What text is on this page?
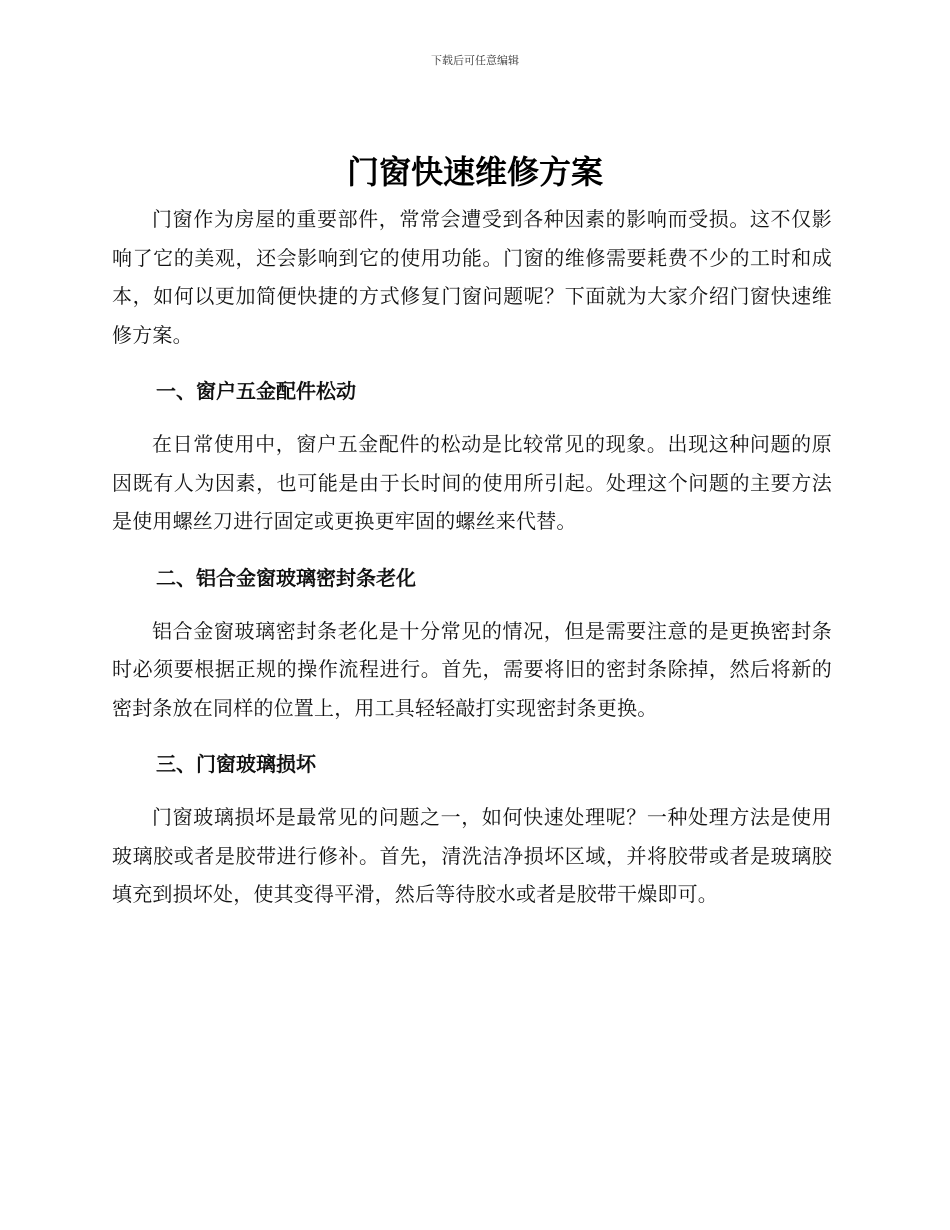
下载后可任意编辑
门窗快速维修方案

门窗作为房屋的重要部件，常常会遭受到各种因素的影响而受损。这不仅影响了它的美观，还会影响到它的使用功能。门窗的维修需要耗费不少的工时和成本，如何以更加简便快捷的方式修复门窗问题呢？下面就为大家介绍门窗快速维修方案。

一、窗户五金配件松动

在日常使用中，窗户五金配件的松动是比较常见的现象。出现这种问题的原因既有人为因素，也可能是由于长时间的使用所引起。处理这个问题的主要方法是使用螺丝刀进行固定或更换更牢固的螺丝来代替。

二、铝合金窗玻璃密封条老化

铝合金窗玻璃密封条老化是十分常见的情况，但是需要注意的是更换密封条时必须要根据正规的操作流程进行。首先，需要将旧的密封条除掉，然后将新的密封条放在同样的位置上，用工具轻轻敲打实现密封条更换。

三、门窗玻璃损坏

门窗玻璃损坏是最常见的问题之一，如何快速处理呢？一种处理方法是使用玻璃胶或者是胶带进行修补。首先，清洗洁净损坏区域，并将胶带或者是玻璃胶填充到损坏处，使其变得平滑，然后等待胶水或者是胶带干燥即可。
